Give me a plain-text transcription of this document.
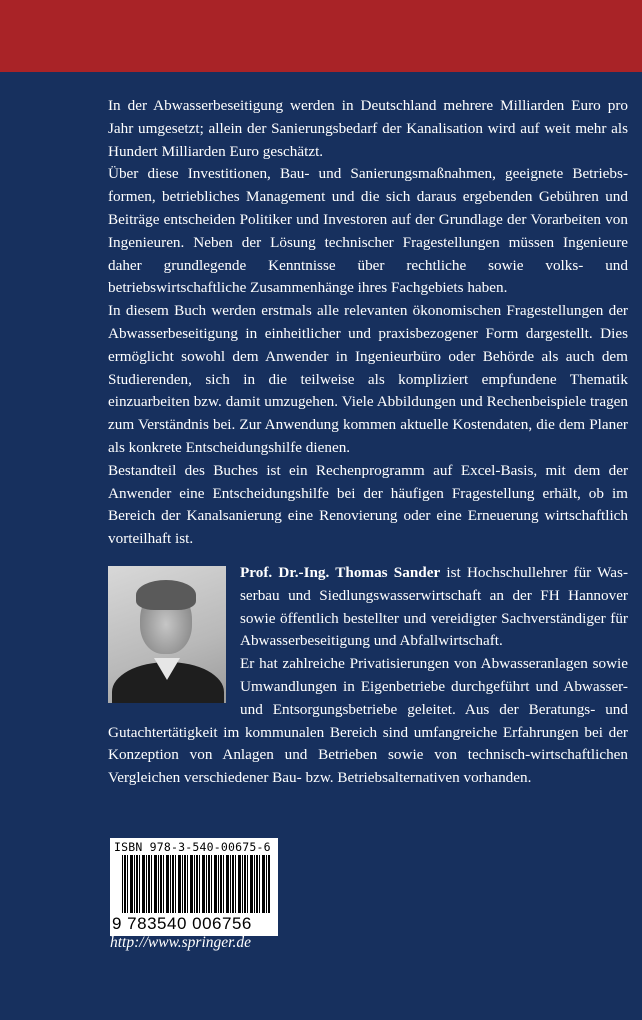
In der Abwasserbeseitigung werden in Deutschland mehrere Milliarden Euro pro Jahr umgesetzt; allein der Sanierungsbedarf der Kanalisation wird auf weit mehr als Hundert Milliarden Euro geschätzt.

Über diese Investitionen, Bau- und Sanierungsmaßnahmen, geeignete Betriebsformen, betriebliches Management und die sich daraus ergebenden Gebühren und Beiträge entscheiden Politiker und Investoren auf der Grundlage der Vorarbeiten von Ingenieuren. Neben der Lösung technischer Fragestellungen müssen Ingenieure daher grundlegende Kenntnisse über rechtliche sowie volks- und betriebswirtschaftliche Zusammenhänge ihres Fachgebiets haben.

In diesem Buch werden erstmals alle relevanten ökonomischen Fragestellungen der Abwasserbeseitigung in einheitlicher und praxisbezogener Form dargestellt. Dies ermöglicht sowohl dem Anwender in Ingenieurbüro oder Behörde als auch dem Studierenden, sich in die teilweise als kompliziert empfundene Thematik einzuarbeiten bzw. damit umzugehen. Viele Abbildungen und Rechenbeispiele tragen zum Verständnis bei. Zur Anwendung kommen aktuelle Kostendaten, die dem Planer als konkrete Entscheidungshilfe dienen.

Bestandteil des Buches ist ein Rechenprogramm auf Excel-Basis, mit dem der Anwender eine Entscheidungshilfe bei der häufigen Fragestellung erhält, ob im Bereich der Kanalsanierung eine Renovierung oder eine Erneuerung wirtschaftlich vorteilhaft ist.

Prof. Dr.-Ing. Thomas Sander ist Hochschullehrer für Wasserbau und Siedlungswasserwirtschaft an der FH Hannover sowie öffentlich bestellter und vereidigter Sachverständiger für Abwasserbeseitigung und Abfallwirtschaft.

Er hat zahlreiche Privatisierungen von Abwasseranlagen sowie Umwandlungen in Eigenbetriebe durchgeführt und Abwasser- und Entsorgungsbetriebe geleitet. Aus der Beratungs- und Gutachtertätigkeit im kommunalen Bereich sind umfangreiche Erfahrungen bei der Konzeption von Anlagen und Betrieben sowie von technisch-wirtschaftlichen Vergleichen verschiedener Bau- bzw. Betriebsalternativen vorhanden.

ISBN 978-3-540-00675-6
9 783540 006756
http://www.springer.de
